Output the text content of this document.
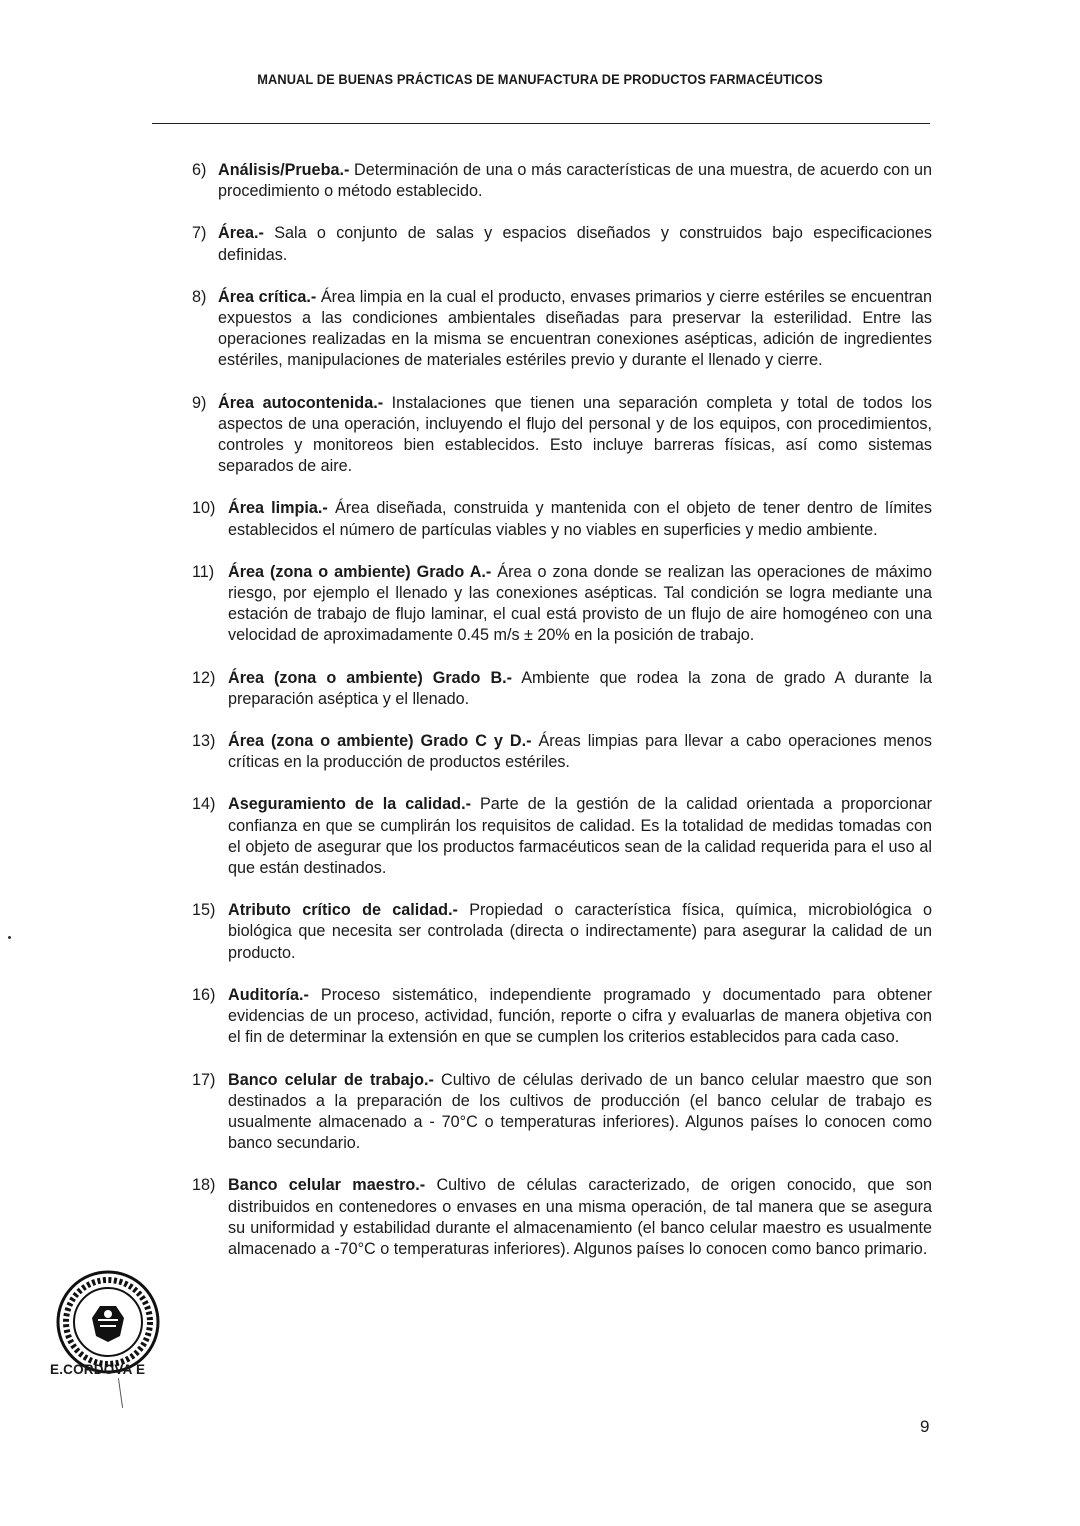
MANUAL DE BUENAS PRÁCTICAS DE MANUFACTURA DE PRODUCTOS FARMACÉUTICOS
6) Análisis/Prueba.- Determinación de una o más características de una muestra, de acuerdo con un procedimiento o método establecido.
7) Área.- Sala o conjunto de salas y espacios diseñados y construidos bajo especificaciones definidas.
8) Área crítica.- Área limpia en la cual el producto, envases primarios y cierre estériles se encuentran expuestos a las condiciones ambientales diseñadas para preservar la esterilidad. Entre las operaciones realizadas en la misma se encuentran conexiones asépticas, adición de ingredientes estériles, manipulaciones de materiales estériles previo y durante el llenado y cierre.
9) Área autocontenida.- Instalaciones que tienen una separación completa y total de todos los aspectos de una operación, incluyendo el flujo del personal y de los equipos, con procedimientos, controles y monitoreos bien establecidos. Esto incluye barreras físicas, así como sistemas separados de aire.
10) Área limpia.- Área diseñada, construida y mantenida con el objeto de tener dentro de límites establecidos el número de partículas viables y no viables en superficies y medio ambiente.
11) Área (zona o ambiente) Grado A.- Área o zona donde se realizan las operaciones de máximo riesgo, por ejemplo el llenado y las conexiones asépticas. Tal condición se logra mediante una estación de trabajo de flujo laminar, el cual está provisto de un flujo de aire homogéneo con una velocidad de aproximadamente 0.45 m/s ± 20% en la posición de trabajo.
12) Área (zona o ambiente) Grado B.- Ambiente que rodea la zona de grado A durante la preparación aséptica y el llenado.
13) Área (zona o ambiente) Grado C y D.- Áreas limpias para llevar a cabo operaciones menos críticas en la producción de productos estériles.
14) Aseguramiento de la calidad.- Parte de la gestión de la calidad orientada a proporcionar confianza en que se cumplirán los requisitos de calidad. Es la totalidad de medidas tomadas con el objeto de asegurar que los productos farmacéuticos sean de la calidad requerida para el uso al que están destinados.
15) Atributo crítico de calidad.- Propiedad o característica física, química, microbiológica o biológica que necesita ser controlada (directa o indirectamente) para asegurar la calidad de un producto.
16) Auditoría.- Proceso sistemático, independiente programado y documentado para obtener evidencias de un proceso, actividad, función, reporte o cifra y evaluarlas de manera objetiva con el fin de determinar la extensión en que se cumplen los criterios establecidos para cada caso.
17) Banco celular de trabajo.- Cultivo de células derivado de un banco celular maestro que son destinados a la preparación de los cultivos de producción (el banco celular de trabajo es usualmente almacenado a - 70°C o temperaturas inferiores). Algunos países lo conocen como banco secundario.
18) Banco celular maestro.- Cultivo de células caracterizado, de origen conocido, que son distribuidos en contenedores o envases en una misma operación, de tal manera que se asegura su uniformidad y estabilidad durante el almacenamiento (el banco celular maestro es usualmente almacenado a -70°C o temperaturas inferiores). Algunos países lo conocen como banco primario.
E.CÓRDOVA E
9
